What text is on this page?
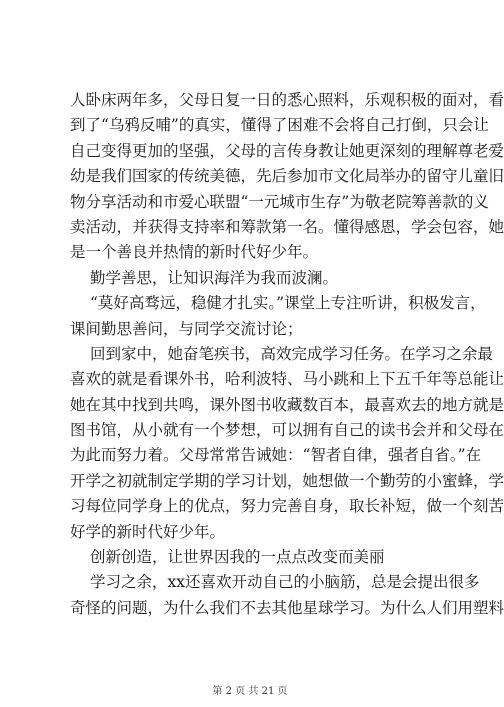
人卧床两年多，父母日复一日的悉心照料，乐观积极的面对，看
到了“乌鸦反哺”的真实，懂得了困难不会将自己打倒，只会让
自己变得更加的坚强，父母的言传身教让她更深刻的理解尊老爱
幼是我们国家的传统美德，先后参加市文化局举办的留守儿童旧
物分享活动和市爱心联盟“一元城市生存”为敬老院筹善款的义
卖活动，并获得支持率和筹款第一名。懂得感恩，学会包容，她
是一个善良并热情的新时代好少年。
勤学善思，让知识海洋为我而波澜。
“莫好高骛远，稳健才扎实。”课堂上专注听讲，积极发言，
课间勤思善问，与同学交流讨论；
回到家中，她奋笔疾书，高效完成学习任务。在学习之余最
喜欢的就是看课外书，哈利波特、马小跳和上下五千年等总能让
她在其中找到共鸣，课外图书收藏数百本，最喜欢去的地方就是
图书馆，从小就有一个梦想，可以拥有自己的读书会并和父母在
为此而努力着。父母常常告诫她：“智者自律，强者自省。”在
开学之初就制定学期的学习计划，她想做一个勤劳的小蜜蜂，学
习每位同学身上的优点，努力完善自身，取长补短，做一个刻苦
好学的新时代好少年。
创新创造，让世界因我的一点点改变而美丽
学习之余，xx还喜欢开动自己的小脑筋，总是会提出很多
奇怪的问题，为什么我们不去其他星球学习。为什么人们用塑料
第 2 页 共 21 页
